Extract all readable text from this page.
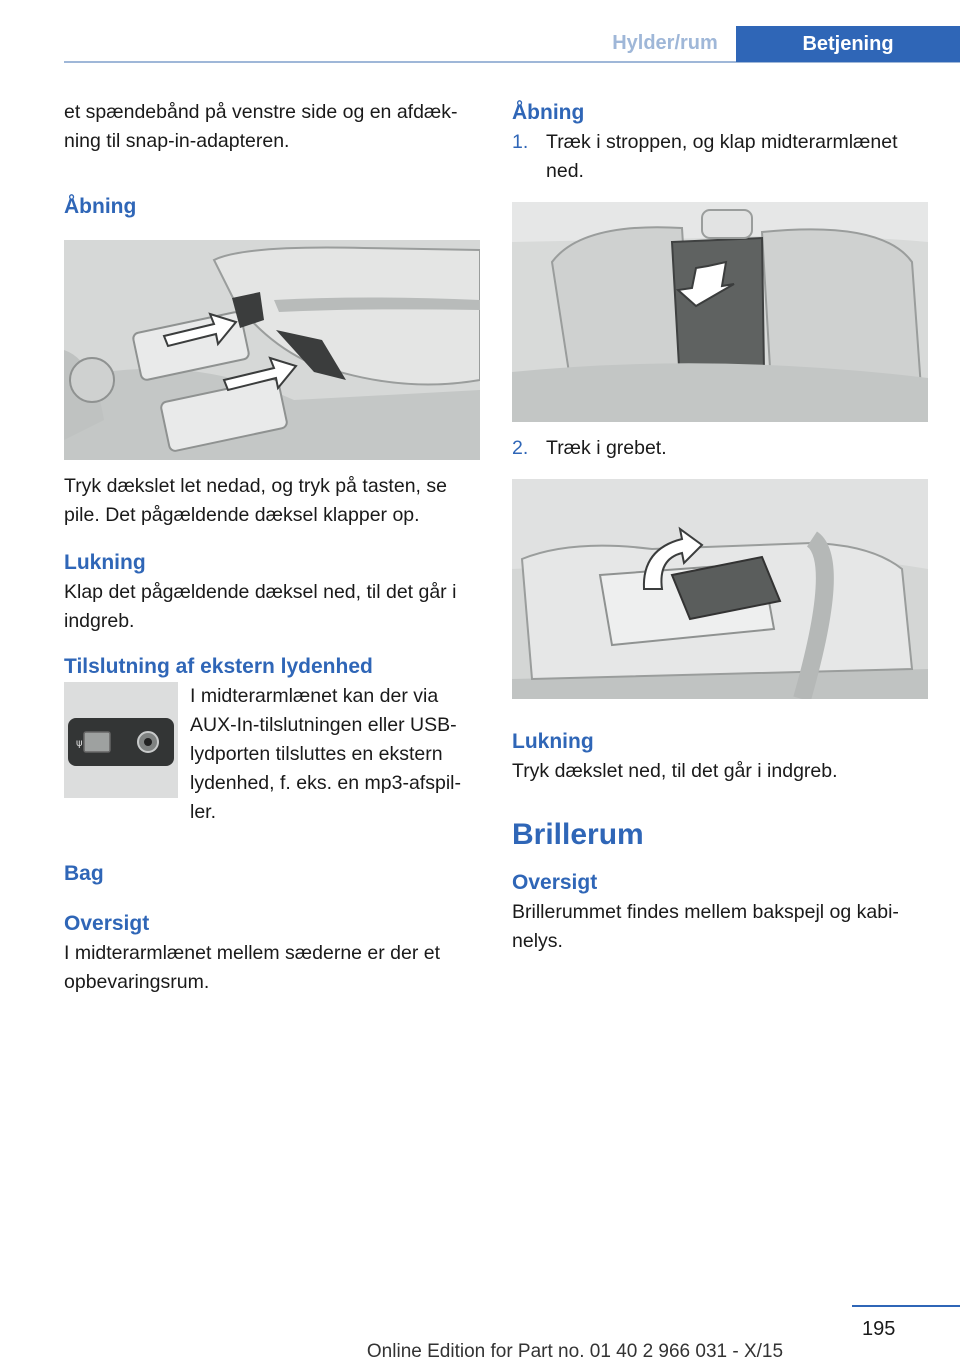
Hylder/rum	Betjening

et spændebånd på venstre side og en afdækning til snap-in-adapteren.

Åbning

Tryk dækslet let nedad, og tryk på tasten, se pile. Det pågældende dæksel klapper op.

Lukning

Klap det pågældende dæksel ned, til det går i indgreb.

Tilslutning af ekstern lydenhed
ψ

I midterarmlænet kan der via AUX-In-tilslutningen eller USB-lydporten tilsluttes en ekstern lydenhed, f. eks. en mp3-afspiller.

Bag
Oversigt

I midterarmlænet mellem sæderne er der et opbevaringsrum.

Åbning
1. Træk i stroppen, og klap midterarmlænet ned.
2. Træk i grebet.
Lukning

Tryk dækslet ned, til det går i indgreb.

Brillerum
Oversigt

Brillerummet findes mellem bakspejl og kabinelys.

195
Online Edition for Part no. 01 40 2 966 031 - X/15
